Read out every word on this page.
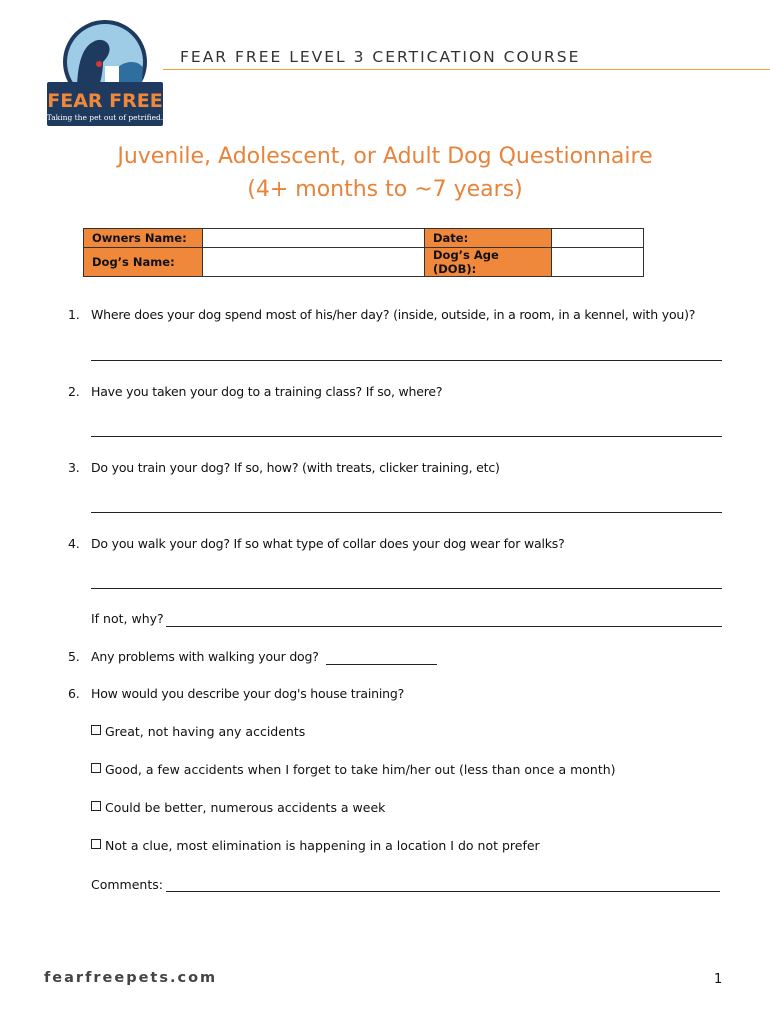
FEAR FREE
Taking the pet out of petrified.
FEAR FREE LEVEL 3 CERTICATION COURSE
Juvenile, Adolescent, or Adult Dog Questionnaire
(4+ months to ~7 years)
Owners Name:		Date:	
Dog’s Name:		Dog’s Age (DOB):	
1. Where does your dog spend most of his/her day? (inside, outside, in a room, in a kennel, with you)?
2. Have you taken your dog to a training class? If so, where?
3. Do you train your dog? If so, how? (with treats, clicker training, etc)
4. Do you walk your dog? If so what type of collar does your dog wear for walks?
If not, why?
5. Any problems with walking your dog?
6. How would you describe your dog's house training?
Great, not having any accidents
Good, a few accidents when I forget to take him/her out (less than once a month)
Could be better, numerous accidents a week
Not a clue, most elimination is happening in a location I do not prefer
Comments:
fearfreepets.com	1
